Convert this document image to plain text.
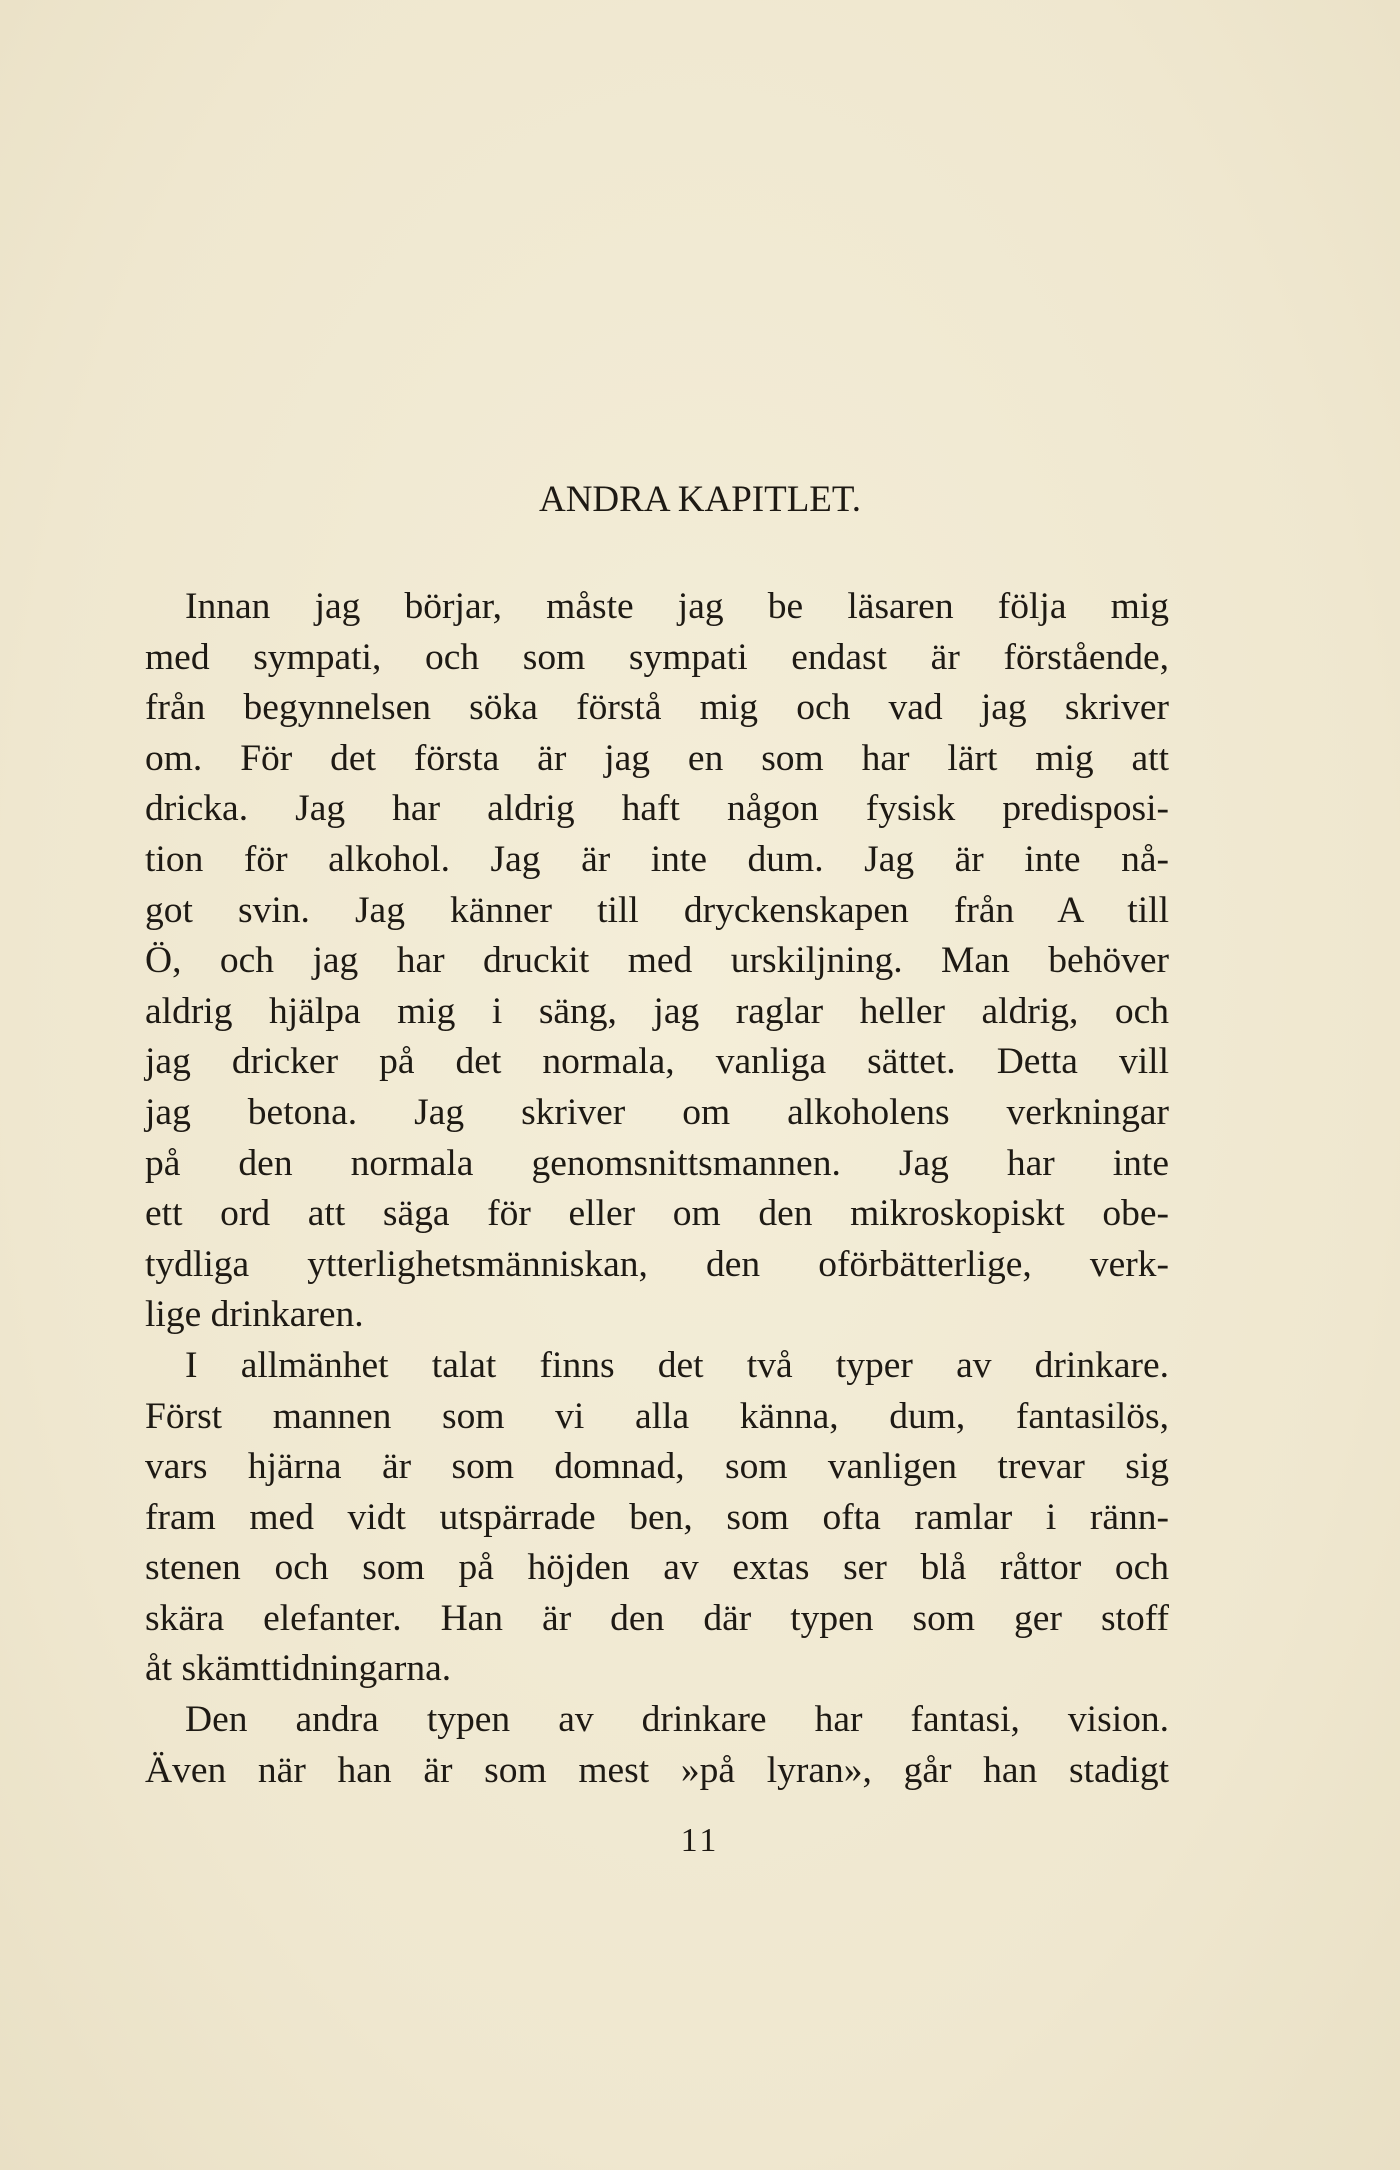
ANDRA KAPITLET.
Innan jag börjar, måste jag be läsaren följa mig
med sympati, och som sympati endast är förstående,
från begynnelsen söka förstå mig och vad jag skriver
om. För det första är jag en som har lärt mig att
dricka. Jag har aldrig haft någon fysisk predisposi-
tion för alkohol. Jag är inte dum. Jag är inte nå-
got svin. Jag känner till dryckenskapen från A till
Ö, och jag har druckit med urskiljning. Man behöver
aldrig hjälpa mig i säng, jag raglar heller aldrig, och
jag dricker på det normala, vanliga sättet. Detta vill
jag betona. Jag skriver om alkoholens verkningar
på den normala genomsnittsmannen. Jag har inte
ett ord att säga för eller om den mikroskopiskt obe-
tydliga ytterlighetsmänniskan, den oförbätterlige, verk-
lige drinkaren.
I allmänhet talat finns det två typer av drinkare.
Först mannen som vi alla känna, dum, fantasilös,
vars hjärna är som domnad, som vanligen trevar sig
fram med vidt utspärrade ben, som ofta ramlar i ränn-
stenen och som på höjden av extas ser blå råttor och
skära elefanter. Han är den där typen som ger stoff
åt skämttidningarna.
Den andra typen av drinkare har fantasi, vision.
Även när han är som mest »på lyran», går han stadigt
11
